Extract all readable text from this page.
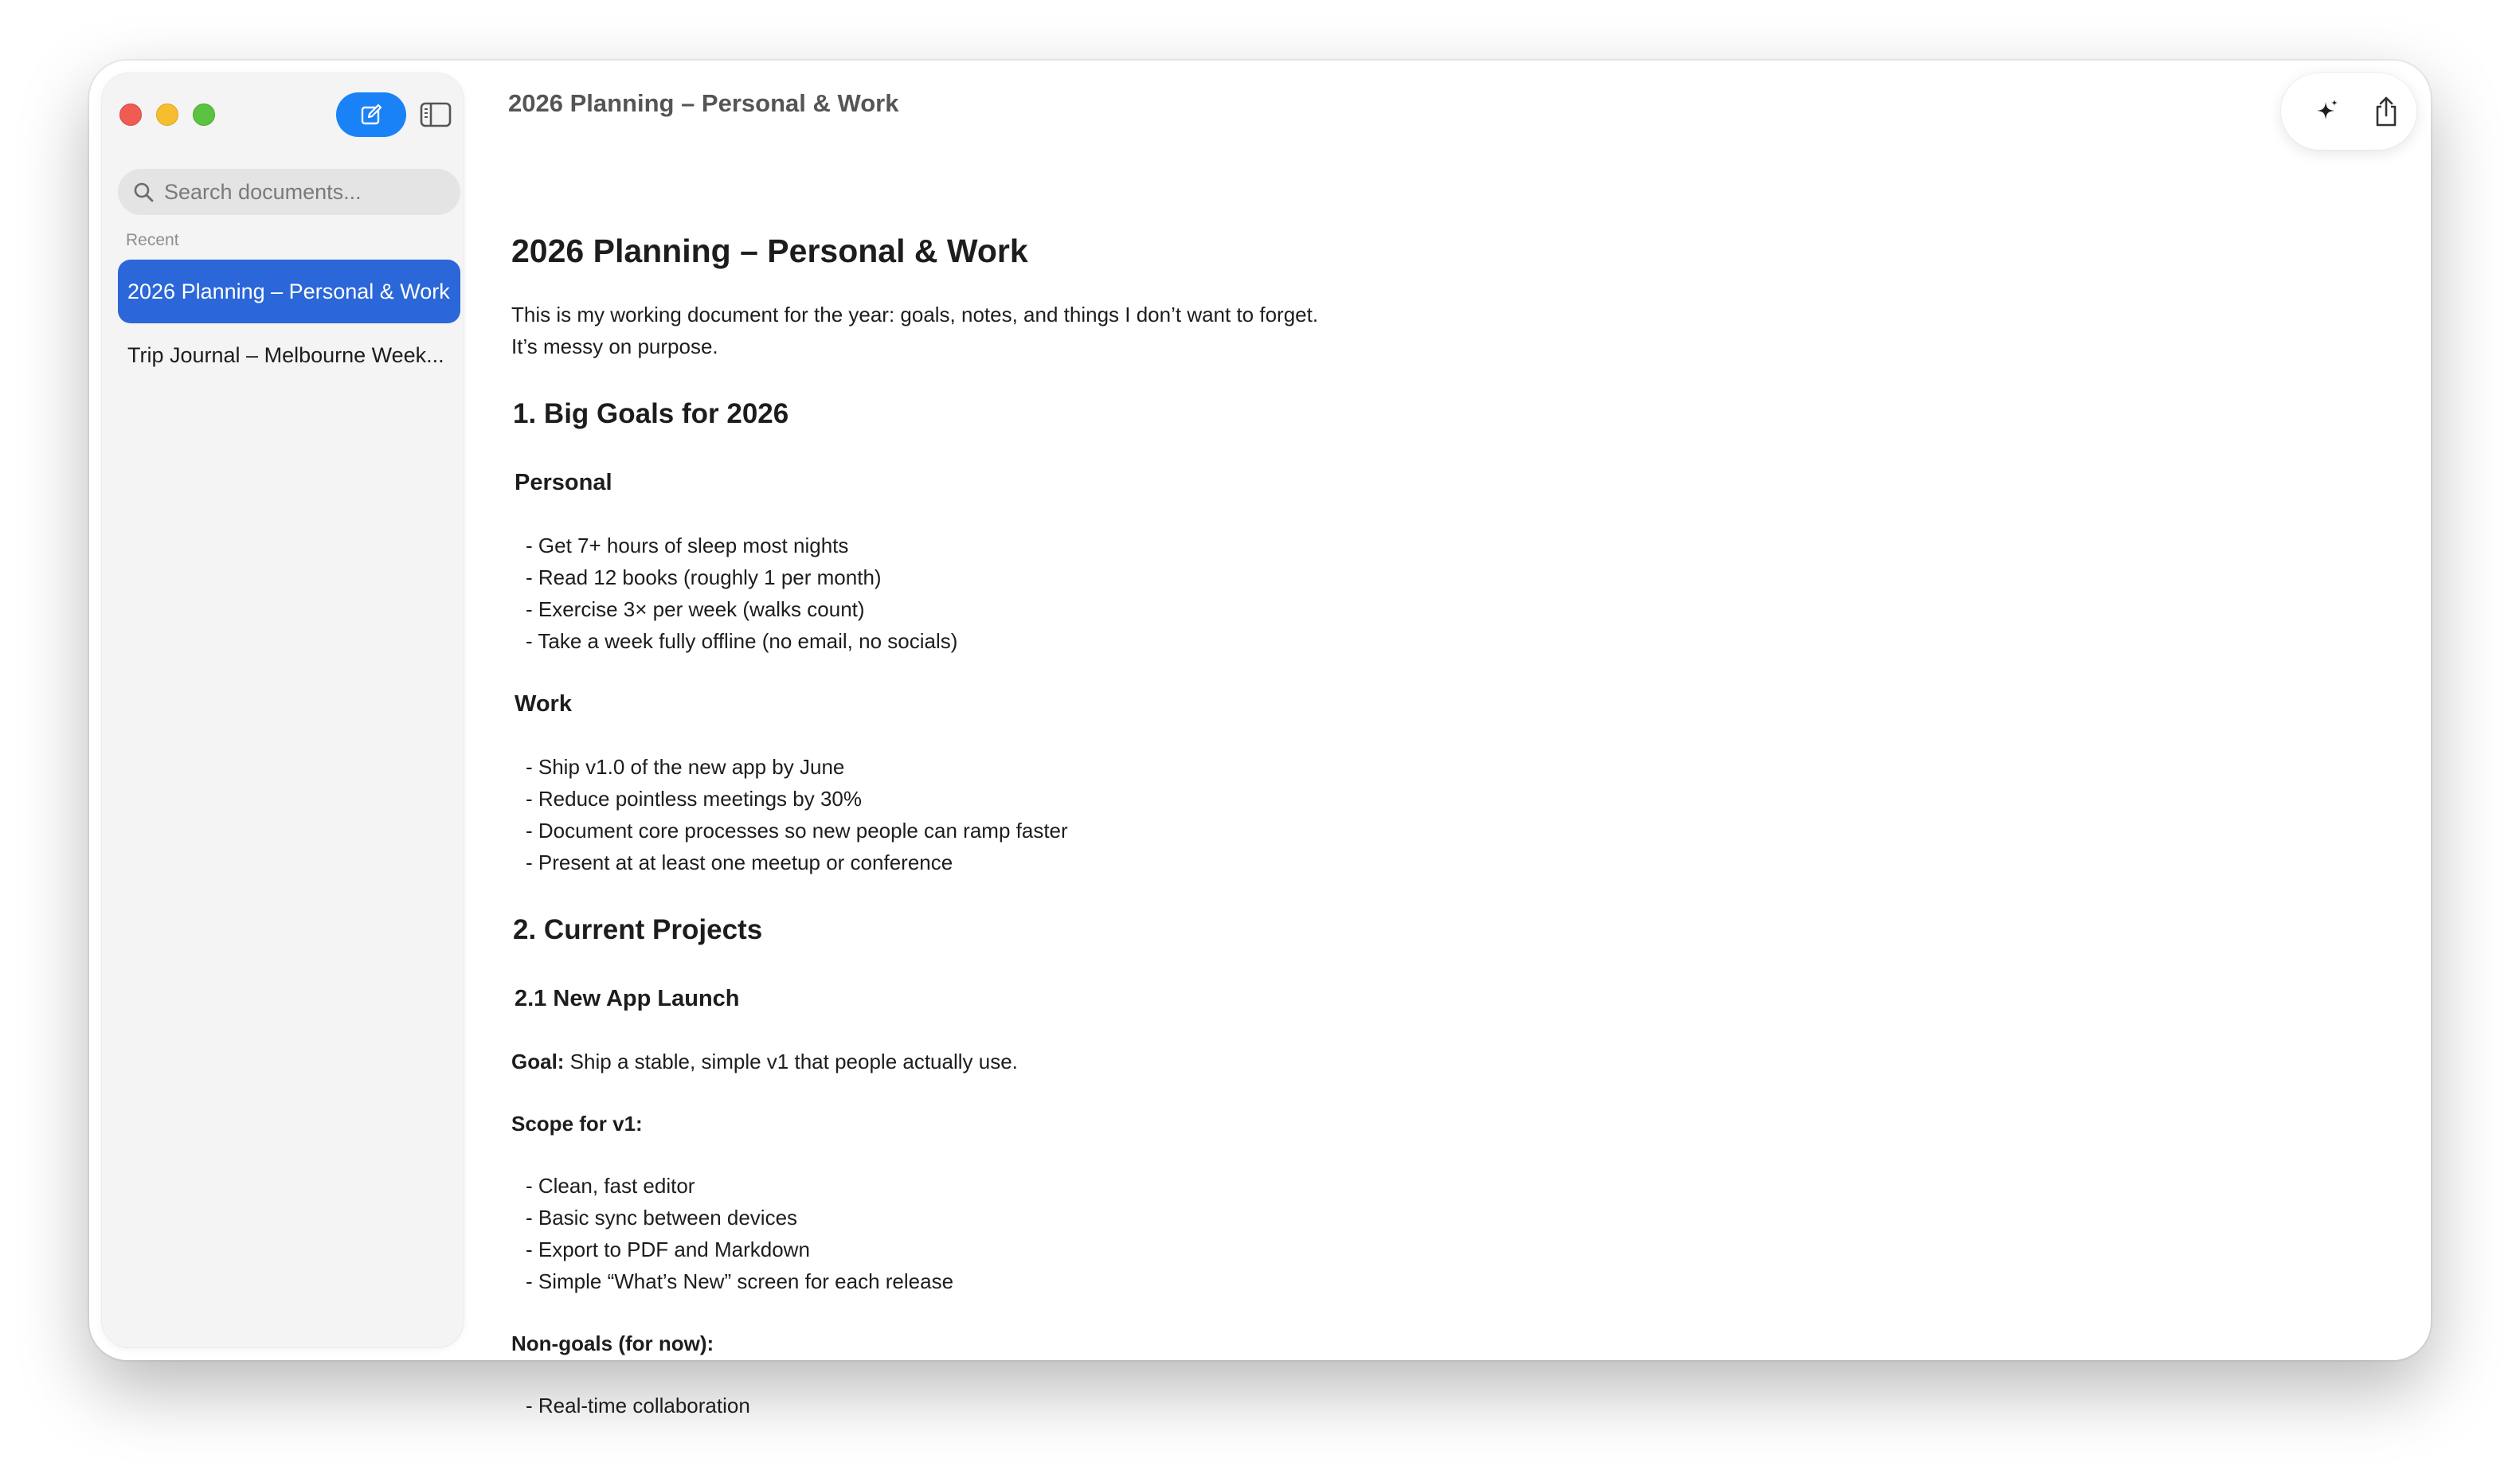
Search documents...
Recent
2026 Planning – Personal & Work
Trip Journal – Melbourne Week...
2026 Planning – Personal & Work
2026 Planning – Personal & Work
This is my working document for the year: goals, notes, and things I don’t want to forget.
It’s messy on purpose.
1. Big Goals for 2026
Personal
- Get 7+ hours of sleep most nights
- Read 12 books (roughly 1 per month)
- Exercise 3× per week (walks count)
- Take a week fully offline (no email, no socials)
Work
- Ship v1.0 of the new app by June
- Reduce pointless meetings by 30%
- Document core processes so new people can ramp faster
- Present at at least one meetup or conference
2. Current Projects
2.1 New App Launch
Goal: Ship a stable, simple v1 that people actually use.
Scope for v1:
- Clean, fast editor
- Basic sync between devices
- Export to PDF and Markdown
- Simple “What’s New” screen for each release
Non-goals (for now):
- Real-time collaboration
